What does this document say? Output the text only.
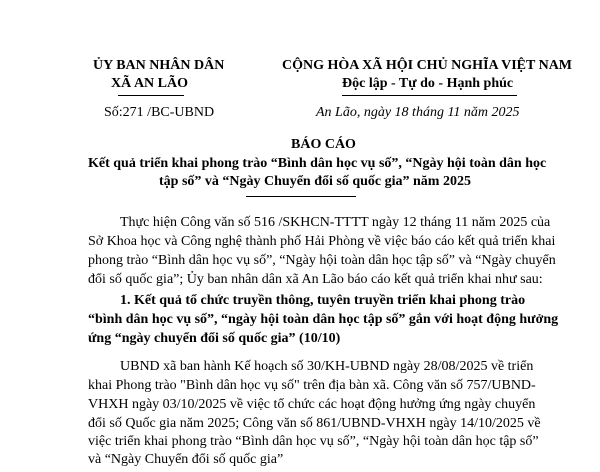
ỦY BAN NHÂN DÂN
XÃ AN LÃO
Số:271 /BC-UBND
CỘNG HÒA XÃ HỘI CHỦ NGHĨA VIỆT NAM
Độc lập - Tự do - Hạnh phúc
An Lão, ngày 18 tháng 11 năm 2025
BÁO CÁO
Kết quả triển khai phong trào “Bình dân học vụ số”, “Ngày hội toàn dân học
tập số” và “Ngày Chuyển đổi số quốc gia” năm 2025
Thực hiện Công văn số 516 /SKHCN-TTTT ngày 12 tháng 11 năm 2025 của
Sở Khoa học và Công nghệ thành phố Hải Phòng về việc báo cáo kết quả triển khai
phong trào “Bình dân học vụ số”, “Ngày hội toàn dân học tập số” và “Ngày chuyển
đổi số quốc gia”; Ủy ban nhân dân xã An Lão báo cáo kết quả triển khai như sau:
1. Kết quả tổ chức truyền thông, tuyên truyền triển khai phong trào
“bình dân học vụ số”, “ngày hội toàn dân học tập số” gắn với hoạt động hưởng
ứng “ngày chuyển đổi số quốc gia” (10/10)
UBND xã ban hành Kế hoạch số 30/KH-UBND ngày 28/08/2025 về triển
khai Phong trào "Bình dân học vụ số" trên địa bàn xã. Công văn số 757/UBND-
VHXH ngày 03/10/2025 về việc tổ chức các hoạt động hưởng ứng ngày chuyển
đổi số Quốc gia năm 2025; Công văn số 861/UBND-VHXH ngày 14/10/2025 về
việc triển khai phong trào “Bình dân học vụ số”, “Ngày hội toàn dân học tập số”
và “Ngày Chuyển đổi số quốc gia”
